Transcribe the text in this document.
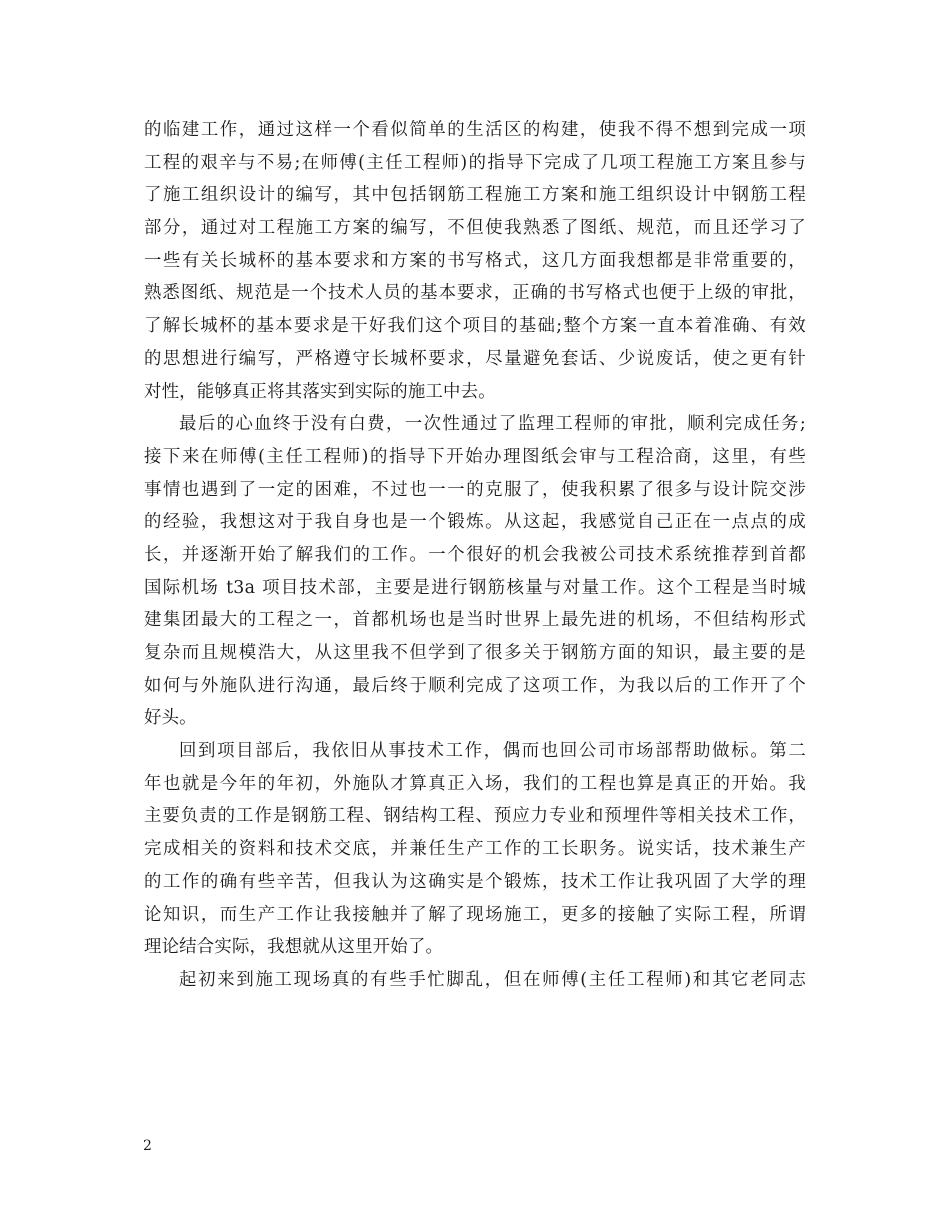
的临建工作，通过这样一个看似简单的生活区的构建，使我不得不想到完成一项
工程的艰辛与不易;在师傅(主任工程师)的指导下完成了几项工程施工方案且参与
了施工组织设计的编写，其中包括钢筋工程施工方案和施工组织设计中钢筋工程
部分，通过对工程施工方案的编写，不但使我熟悉了图纸、规范，而且还学习了
一些有关长城杯的基本要求和方案的书写格式，这几方面我想都是非常重要的，
熟悉图纸、规范是一个技术人员的基本要求，正确的书写格式也便于上级的审批，
了解长城杯的基本要求是干好我们这个项目的基础;整个方案一直本着准确、有效
的思想进行编写，严格遵守长城杯要求，尽量避免套话、少说废话，使之更有针
对性，能够真正将其落实到实际的施工中去。
最后的心血终于没有白费，一次性通过了监理工程师的审批，顺利完成任务;
接下来在师傅(主任工程师)的指导下开始办理图纸会审与工程洽商，这里，有些
事情也遇到了一定的困难，不过也一一的克服了，使我积累了很多与设计院交涉
的经验，我想这对于我自身也是一个锻炼。从这起，我感觉自己正在一点点的成
长，并逐渐开始了解我们的工作。一个很好的机会我被公司技术系统推荐到首都
国际机场 t3a 项目技术部，主要是进行钢筋核量与对量工作。这个工程是当时城
建集团最大的工程之一，首都机场也是当时世界上最先进的机场，不但结构形式
复杂而且规模浩大，从这里我不但学到了很多关于钢筋方面的知识，最主要的是
如何与外施队进行沟通，最后终于顺利完成了这项工作，为我以后的工作开了个
好头。
回到项目部后，我依旧从事技术工作，偶而也回公司市场部帮助做标。第二
年也就是今年的年初，外施队才算真正入场，我们的工程也算是真正的开始。我
主要负责的工作是钢筋工程、钢结构工程、预应力专业和预埋件等相关技术工作，
完成相关的资料和技术交底，并兼任生产工作的工长职务。说实话，技术兼生产
的工作的确有些辛苦，但我认为这确实是个锻炼，技术工作让我巩固了大学的理
论知识，而生产工作让我接触并了解了现场施工，更多的接触了实际工程，所谓
理论结合实际，我想就从这里开始了。
起初来到施工现场真的有些手忙脚乱，但在师傅(主任工程师)和其它老同志
2
